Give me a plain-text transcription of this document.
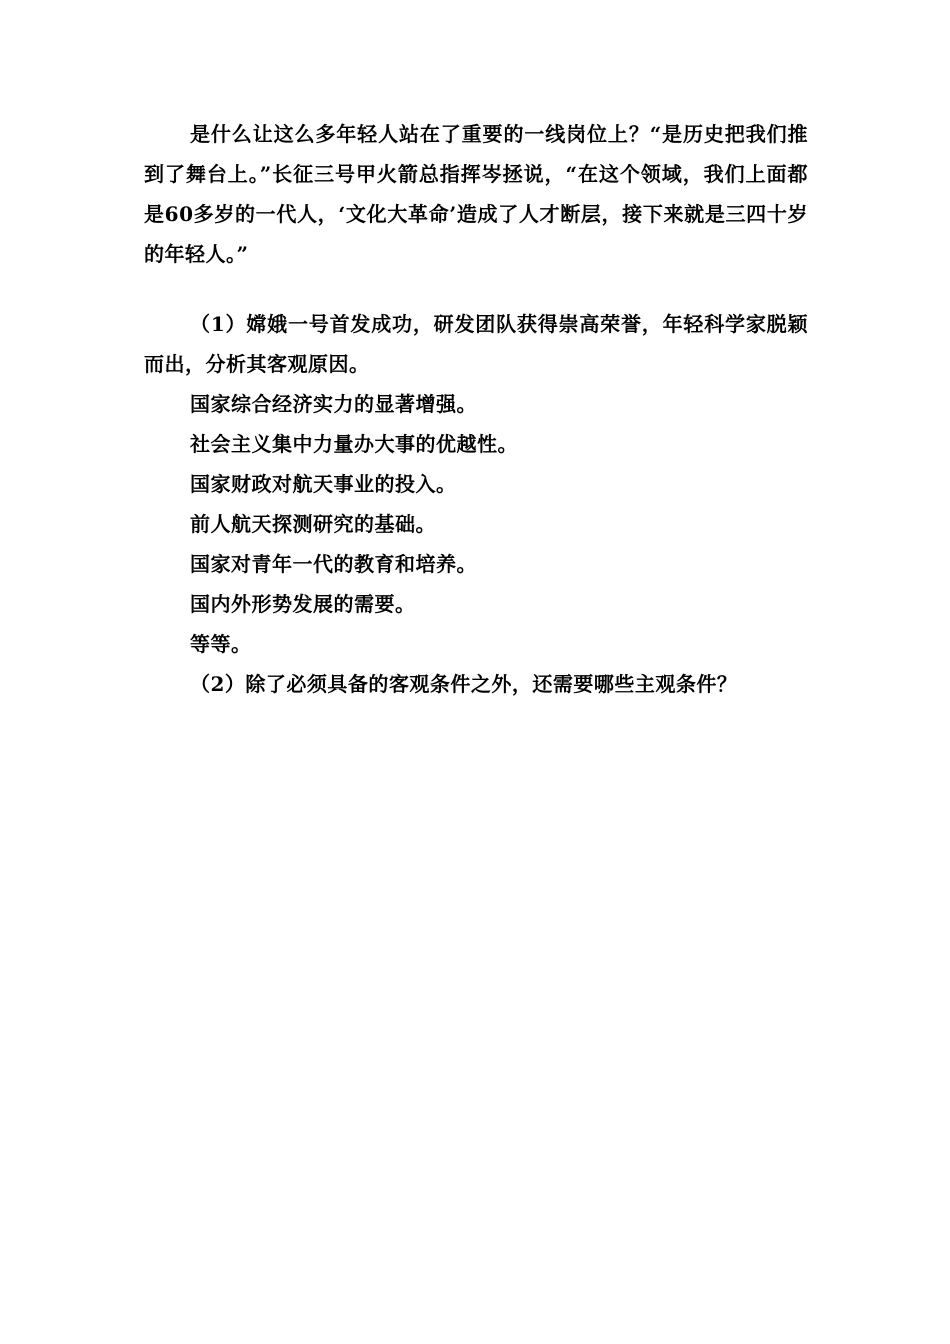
是什么让这么多年轻人站在了重要的一线岗位上？“是历史把我们推到了舞台上。”长征三号甲火箭总指挥岑拯说，“在这个领域，我们上面都是60多岁的一代人，‘文化大革命’造成了人才断层，接下来就是三四十岁的年轻人。”

（1）嫦娥一号首发成功，研发团队获得崇高荣誉，年轻科学家脱颖而出，分析其客观原因。

国家综合经济实力的显著增强。

社会主义集中力量办大事的优越性。

国家财政对航天事业的投入。

前人航天探测研究的基础。

国家对青年一代的教育和培养。

国内外形势发展的需要。

等等。

（2）除了必须具备的客观条件之外，还需要哪些主观条件？
